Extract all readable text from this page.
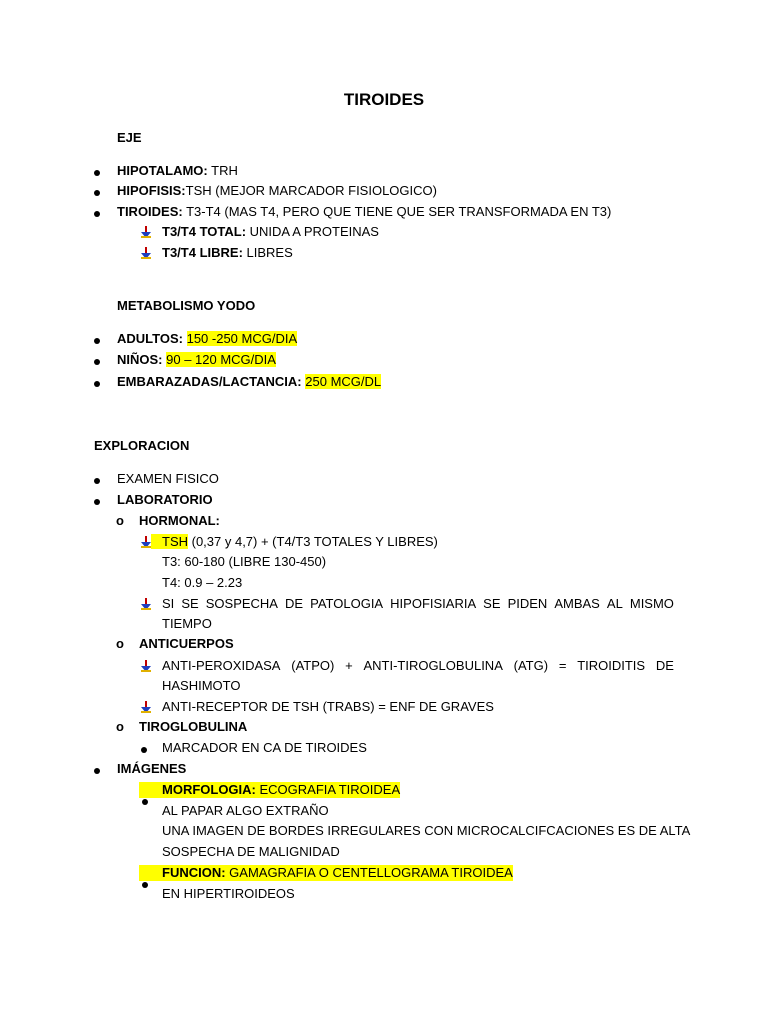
TIROIDES
EJE
HIPOTALAMO: TRH
HIPOFISIS:TSH (MEJOR MARCADOR FISIOLOGICO)
TIROIDES: T3-T4 (MAS T4, PERO QUE TIENE QUE SER TRANSFORMADA EN T3)
T3/T4 TOTAL: UNIDA A PROTEINAS
T3/T4 LIBRE: LIBRES
METABOLISMO YODO
ADULTOS: 150 -250 MCG/DIA
NIÑOS: 90 – 120 MCG/DIA
EMBARAZADAS/LACTANCIA: 250 MCG/DL
EXPLORACION
EXAMEN FISICO
LABORATORIO
o HORMONAL:
TSH (0,37 y 4,7) + (T4/T3 TOTALES Y LIBRES)
T3: 60-180 (LIBRE 130-450)
T4: 0.9 – 2.23
SI SE SOSPECHA DE PATOLOGIA HIPOFISIARIA SE PIDEN AMBAS AL MISMO
TIEMPO
o ANTICUERPOS
ANTI-PEROXIDASA (ATPO) + ANTI-TIROGLOBULINA (ATG) = TIROIDITIS DE
HASHIMOTO
ANTI-RECEPTOR DE TSH (TRABS) = ENF DE GRAVES
o TIROGLOBULINA
MARCADOR EN CA DE TIROIDES
IMÁGENES
MORFOLOGIA: ECOGRAFIA TIROIDEA
AL PAPAR ALGO EXTRAÑO
UNA IMAGEN DE BORDES IRREGULARES CON MICROCALCIFCACIONES ES DE ALTA
SOSPECHA DE MALIGNIDAD
FUNCION: GAMAGRAFIA O CENTELLOGRAMA TIROIDEA
EN HIPERTIROIDEOS
